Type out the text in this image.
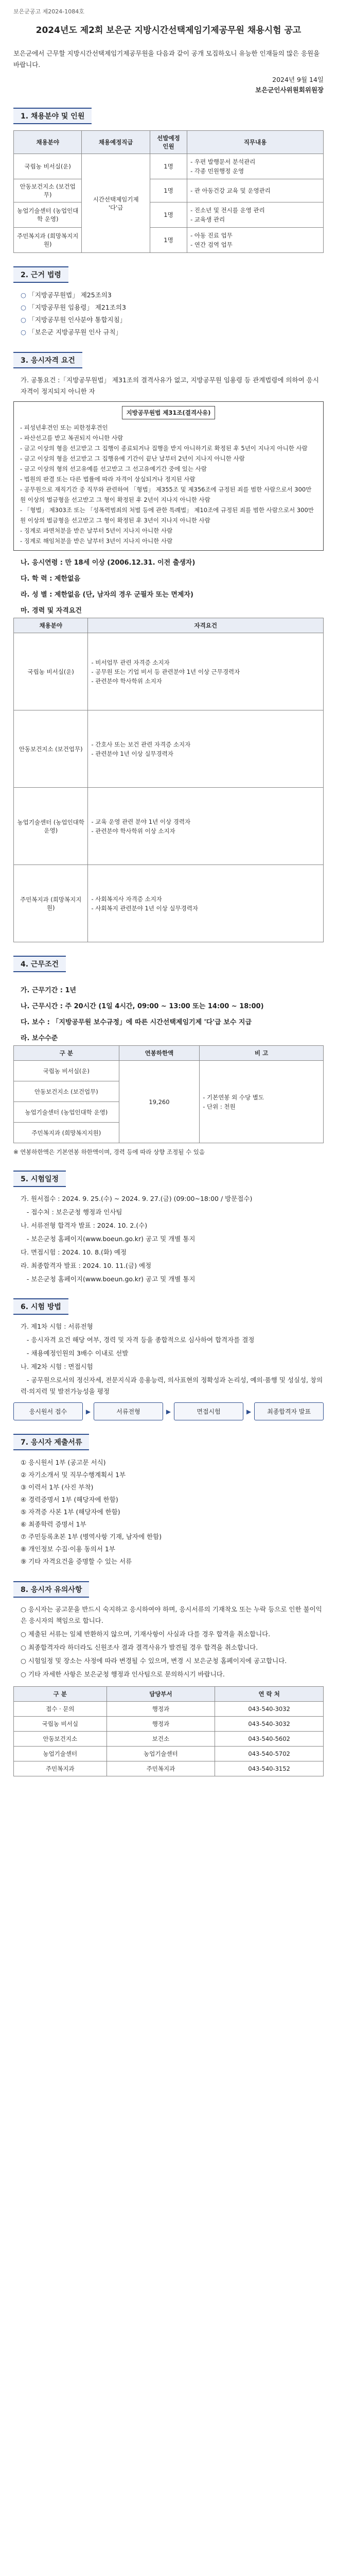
보은군공고 제2024-1084호
2024년도 제2회 보은군 지방시간선택제임기제공무원 채용시험 공고
보은군에서 근무할 지방시간선택제임기제공무원을 다음과 같이 공개 모집하오니 유능한 인재들의 많은 응원을 바랍니다.
2024년 9월 14일
보은군인사위원회위원장
1. 채용분야 및 인원
채용분야	채용예정직급	선발예정 인원	직무내용
국립농 비서실(운)	시간선택제임기제
'다'급	1명	- 우편 발행문서 분석관리
- 각종 민원행정 운영
안동보건지소 (보건업무)		1명	- 관 아동건강 교육 및 운영관리
농업기술센터 (농업인대학 운영)		1명	- 진소년 및 전시를 운영 관리
- 교육생 관리
주민복지과 (희망복지지원)		1명	- 아동 진료 업무
- 연간 검역 업무
2. 근거 법령
○ 「지방공무원법」 제25조의3
○ 「지방공무원 임용령」 제21조의3
○ 「지방공무원 인사분야 통합지침」
○ 「보은군 지방공무원 인사 규칙」
3. 응시자격 요건
가. 공통요건 :「지방공무원법」 제31조의 결격사유가 없고, 지방공무원 임용령 등 관계법령에 의하여 응시자격이 정지되지 아니한 자
지방공무원법 제31조(결격사유)
- 피성년후견인 또는 피한정후견인
- 파산선고를 받고 복권되지 아니한 사람
- 금고 이상의 형을 선고받고 그 집행이 종료되거나 집행을 받지 아니하기로 확정된 후 5년이 지나지 아니한 사람
- 금고 이상의 형을 선고받고 그 집행유예 기간이 끝난 날부터 2년이 지나지 아니한 사람
- 금고 이상의 형의 선고유예를 선고받고 그 선고유예기간 중에 있는 사람
- 법원의 판결 또는 다른 법률에 따라 자격이 상실되거나 정지된 사람
- 공무원으로 재직기간 중 직무와 관련하여 「형법」 제355조 및 제356조에 규정된 죄를 범한 사람으로서 300만원 이상의 벌금형을 선고받고 그 형이 확정된 후 2년이 지나지 아니한 사람
- 「형법」 제303조 또는 「성폭력범죄의 처벌 등에 관한 특례법」 제10조에 규정된 죄를 범한 사람으로서 300만원 이상의 벌금형을 선고받고 그 형이 확정된 후 3년이 지나지 아니한 사람
- 징계로 파면처분을 받은 날부터 5년이 지나지 아니한 사람
- 징계로 해임처분을 받은 날부터 3년이 지나지 아니한 사람
나. 응시연령 : 만 18세 이상 (2006.12.31. 이전 출생자)
다. 학 력 : 제한없음
라. 성 별 : 제한없음 (단, 남자의 경우 군필자 또는 면제자)
마. 경력 및 자격요건
채용분야	자격요건
국립농 비서실(운)	- 비서업무 관련 자격증 소지자
- 공무원 또는 기업 비서 등 관련분야 1년 이상 근무경력자
- 관련분야 학사학위 소지자
안동보건지소 (보건업무)	- 간호사 또는 보건 관련 자격증 소지자
- 관련분야 1년 이상 실무경력자
농업기술센터 (농업인대학 운영)	- 교육 운영 관련 분야 1년 이상 경력자
- 관련분야 학사학위 이상 소지자
주민복지과 (희망복지지원)	- 사회복지사 자격증 소지자
- 사회복지 관련분야 1년 이상 실무경력자
4. 근무조건
가. 근무기간 : 1년
나. 근무시간 : 주 20시간 (1일 4시간, 09:00 ~ 13:00 또는 14:00 ~ 18:00)
다. 보수 : 「지방공무원 보수규정」에 따른 시간선택제임기제 '다'급 보수 지급
라. 보수수준
구 분	연봉하한액	비 고
국립농 비서실(운)	19,260	- 기본연봉 외 수당 별도
- 단위 : 천원
안동보건지소 (보건업무)		
농업기술센터 (농업인대학 운영)		
주민복지과 (희망복지지원)		
※ 연봉하한액은 기본연봉 하한액이며, 경력 등에 따라 상향 조정될 수 있음
5. 시험일정
가. 원서접수 : 2024. 9. 25.(수) ~ 2024. 9. 27.(금) (09:00~18:00 / 방문접수)
- 접수처 : 보은군청 행정과 인사팀
나. 서류전형 합격자 발표 : 2024. 10. 2.(수)
- 보은군청 홈페이지(www.boeun.go.kr) 공고 및 개별 통지
다. 면접시험 : 2024. 10. 8.(화) 예정
라. 최종합격자 발표 : 2024. 10. 11.(금) 예정
- 보은군청 홈페이지(www.boeun.go.kr) 공고 및 개별 통지
6. 시험 방법
가. 제1차 시험 : 서류전형
- 응시자격 요건 해당 여부, 경력 및 자격 등을 종합적으로 심사하여 합격자를 결정
- 채용예정인원의 3배수 이내로 선발
나. 제2차 시험 : 면접시험
- 공무원으로서의 정신자세, 전문지식과 응용능력, 의사표현의 정확성과 논리성, 예의·품행 및 성실성, 창의력·의지력 및 발전가능성을 평정
응시원서 접수	▶	서류전형	▶	면접시험	▶	최종합격자 발표
7. 응시자 제출서류
① 응시원서 1부 (공고문 서식)
② 자기소개서 및 직무수행계획서 1부
③ 이력서 1부 (사진 부착)
④ 경력증명서 1부 (해당자에 한함)
⑤ 자격증 사본 1부 (해당자에 한함)
⑥ 최종학력 증명서 1부
⑦ 주민등록초본 1부 (병역사항 기재, 남자에 한함)
⑧ 개인정보 수집·이용 동의서 1부
⑨ 기타 자격요건을 증명할 수 있는 서류
8. 응시자 유의사항
○ 응시자는 공고문을 반드시 숙지하고 응시하여야 하며, 응시서류의 기재착오 또는 누락 등으로 인한 불이익은 응시자의 책임으로 합니다.
○ 제출된 서류는 일체 반환하지 않으며, 기재사항이 사실과 다를 경우 합격을 취소합니다.
○ 최종합격자라 하더라도 신원조사 결과 결격사유가 발견될 경우 합격을 취소합니다.
○ 시험일정 및 장소는 사정에 따라 변경될 수 있으며, 변경 시 보은군청 홈페이지에 공고합니다.
○ 기타 자세한 사항은 보은군청 행정과 인사팀으로 문의하시기 바랍니다.
구 분	담당부서	연 락 처
접수 · 문의	행정과	043-540-3032
국립농 비서실	행정과	043-540-3032
안동보건지소	보건소	043-540-5602
농업기술센터	농업기술센터	043-540-5702
주민복지과	주민복지과	043-540-3152
